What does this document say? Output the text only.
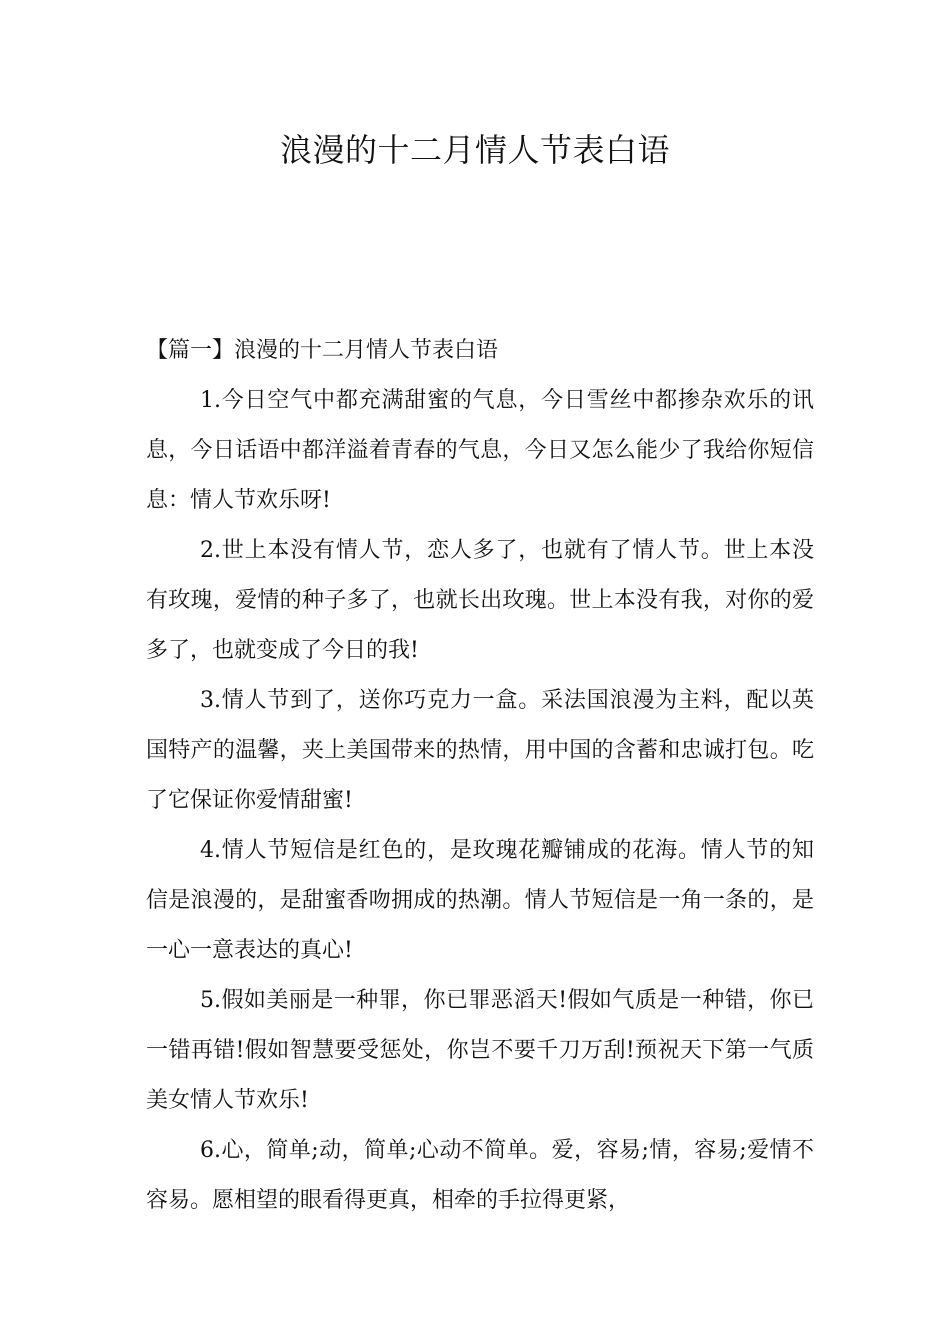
浪漫的十二月情人节表白语

【篇一】浪漫的十二月情人节表白语

1.今日空气中都充满甜蜜的气息，今日雪丝中都掺杂欢乐的讯息，今日话语中都洋溢着青春的气息，今日又怎么能少了我给你短信息：情人节欢乐呀!

2.世上本没有情人节，恋人多了，也就有了情人节。世上本没有玫瑰，爱情的种子多了，也就长出玫瑰。世上本没有我，对你的爱多了，也就变成了今日的我!

3.情人节到了，送你巧克力一盒。采法国浪漫为主料，配以英国特产的温馨，夹上美国带来的热情，用中国的含蓄和忠诚打包。吃了它保证你爱情甜蜜!

4.情人节短信是红色的，是玫瑰花瓣铺成的花海。情人节的知信是浪漫的，是甜蜜香吻拥成的热潮。情人节短信是一角一条的，是一心一意表达的真心!

5.假如美丽是一种罪，你已罪恶滔天!假如气质是一种错，你已一错再错!假如智慧要受惩处，你岂不要千刀万刮!预祝天下第一气质美女情人节欢乐!

6.心，简单;动，简单;心动不简单。爱，容易;情，容易;爱情不容易。愿相望的眼看得更真，相牵的手拉得更紧，
